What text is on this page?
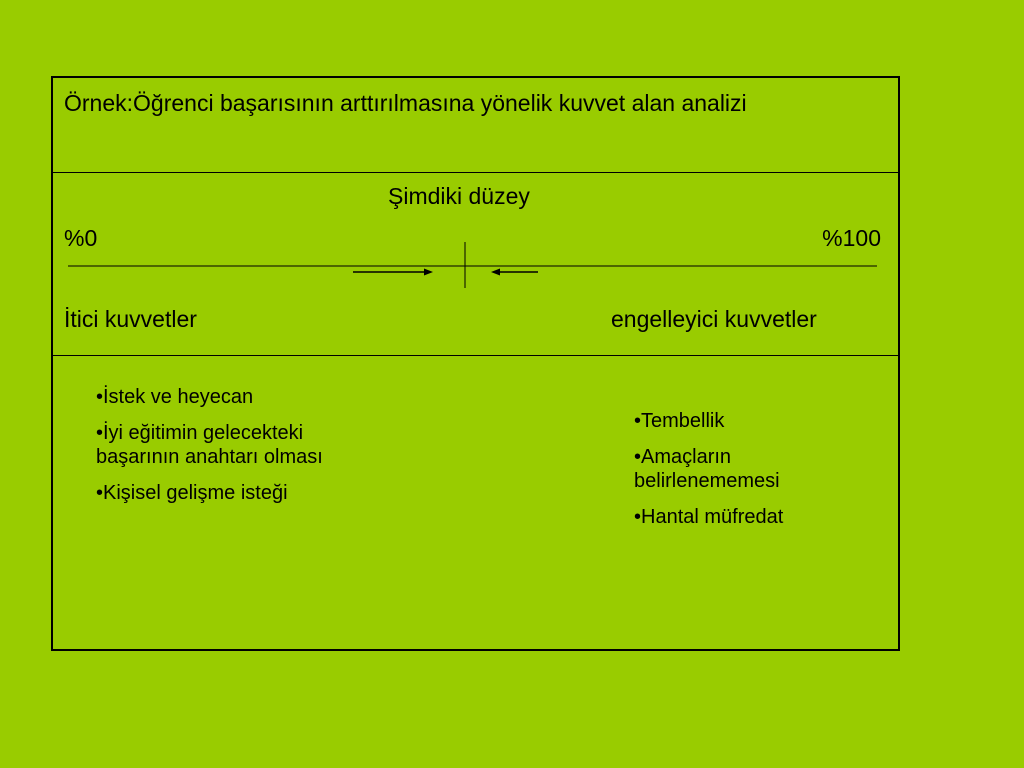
Örnek:Öğrenci başarısının arttırılmasına yönelik kuvvet alan analizi
Şimdiki düzey
%0	%100
İtici kuvvetler	engelleyici kuvvetler
•İstek ve heyecan
•İyi eğitimin gelecekteki başarının anahtarı olması
•Kişisel gelişme isteği
•Tembellik
•Amaçların belirlenememesi
•Hantal müfredat
